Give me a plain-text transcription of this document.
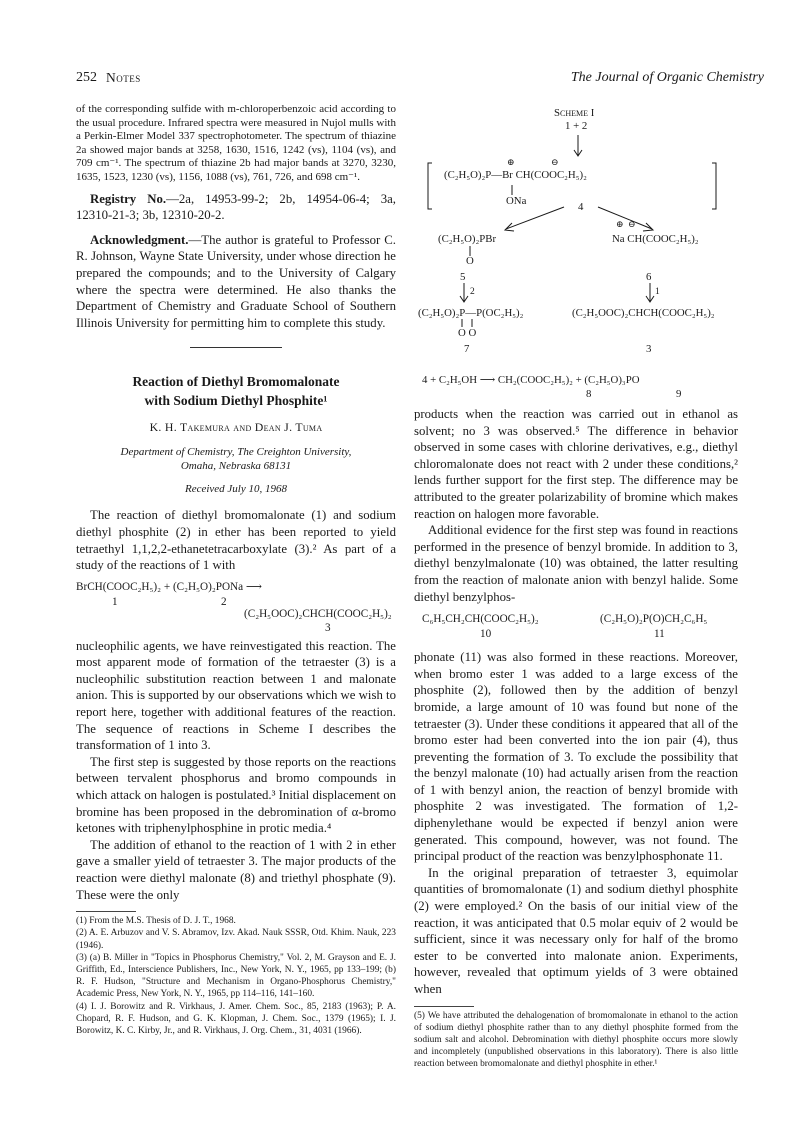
252 Notes	The Journal of Organic Chemistry

of the corresponding sulfide with m-chloroperbenzoic acid according to the usual procedure. Infrared spectra were measured in Nujol mulls with a Perkin-Elmer Model 337 spectrophotometer. The spectrum of thiazine 2a showed major bands at 3258, 1630, 1516, 1242 (vs), 1104 (vs), and 709 cm⁻¹. The spectrum of thiazine 2b had major bands at 3270, 3230, 1635, 1523, 1230 (vs), 1156, 1088 (vs), 761, 726, and 698 cm⁻¹.

Registry No.—2a, 14953-99-2; 2b, 14954-06-4; 3a, 12310-21-3; 3b, 12310-20-2.

Acknowledgment.—The author is grateful to Professor C. R. Johnson, Wayne State University, under whose direction he prepared the compounds; and to the University of Calgary where the spectra were determined. He also thanks the Department of Chemistry and Graduate School of Southern Illinois University for permitting him to complete this study.

Reaction of Diethyl Bromomalonate

with Sodium Diethyl Phosphite¹

K. H. Takemura and Dean J. Tuma

Department of Chemistry, The Creighton University,

Omaha, Nebraska 68131

Received July 10, 1968

The reaction of diethyl bromomalonate (1) and sodium diethyl phosphite (2) in ether has been reported to yield tetraethyl 1,1,2,2-ethanetetracarboxylate (3).² As part of a study of the reactions of 1 with

BrCH(COOC₂H₅)₂ + (C₂H₅O)₂PONa ⟶
1	2
(C₂H₅OOC)₂CHCH(COOC₂H₅)₂
3

nucleophilic agents, we have reinvestigated this reaction. The most apparent mode of formation of the tetraester (3) is a nucleophilic substitution reaction between 1 and malonate anion. This is supported by our observations which we wish to report here, together with additional features of the reaction. The sequence of reactions in Scheme I describes the transformation of 1 into 3.

The first step is suggested by those reports on the reactions between tervalent phosphorus and bromo compounds in which attack on halogen is postulated.³ Initial displacement on bromine has been proposed in the debromination of α-bromo ketones with triphenylphosphine in protic media.⁴

The addition of ethanol to the reaction of 1 with 2 in ether gave a smaller yield of tetraester 3. The major products of the reaction were diethyl malonate (8) and triethyl phosphate (9). These were the only

(1) From the M.S. Thesis of D. J. T., 1968.

(2) A. E. Arbuzov and V. S. Abramov, Izv. Akad. Nauk SSSR, Otd. Khim. Nauk, 223 (1946).

(3) (a) B. Miller in "Topics in Phosphorus Chemistry," Vol. 2, M. Grayson and E. J. Griffith, Ed., Interscience Publishers, Inc., New York, N. Y., 1965, pp 133–199; (b) R. F. Hudson, "Structure and Mechanism in Organo-Phosphorus Chemistry," Academic Press, New York, N. Y., 1965, pp 114–116, 141–160.

(4) I. J. Borowitz and R. Virkhaus, J. Amer. Chem. Soc., 85, 2183 (1963); P. A. Chopard, R. F. Hudson, and G. K. Klopman, J. Chem. Soc., 1379 (1965); I. J. Borowitz, K. C. Kirby, Jr., and R. Virkhaus, J. Org. Chem., 31, 4031 (1966).

Scheme I
1 + 2
⊕	⊖
(C₂H₅O)₂P—Br CH(COOC₂H₅)₂
ONa	4
(C₂H₅O)₂PBr
O
5
⊕ ⊖
Na CH(COOC₂H₅)₂
6
2	1
(C₂H₅O)₂P—P(OC₂H₅)₂
O O
7
(C₂H₅OOC)₂CHCH(COOC₂H₅)₂
3
4 + C₂H₅OH ⟶ CH₂(COOC₂H₅)₂ + (C₂H₅O)₃PO
8	9

products when the reaction was carried out in ethanol as solvent; no 3 was observed.⁵ The difference in behavior observed in some cases with chlorine derivatives, e.g., diethyl chloromalonate does not react with 2 under these conditions,² lends further support for the first step. The difference may be attributed to the greater polarizability of bromine which makes reaction on halogen more favorable.

Additional evidence for the first step was found in reactions performed in the presence of benzyl bromide. In addition to 3, diethyl benzylmalonate (10) was obtained, the latter resulting from the reaction of malonate anion with benzyl halide. Some diethyl benzylphos-

C₆H₅CH₂CH(COOC₂H₅)₂
10
(C₂H₅O)₂P(O)CH₂C₆H₅
11

phonate (11) was also formed in these reactions. Moreover, when bromo ester 1 was added to a large excess of the phosphite (2), followed then by the addition of benzyl bromide, a large amount of 10 was found but none of the tetraester (3). Under these conditions it appeared that all of the bromo ester had been converted into the ion pair (4), thus preventing the formation of 3. To exclude the possibility that the benzyl malonate (10) had actually arisen from the reaction of 1 with benzyl anion, the reaction of benzyl bromide with phosphite 2 was investigated. The formation of 1,2-diphenylethane would be expected if benzyl anion were generated. This compound, however, was not found. The principal product of the reaction was benzylphosphonate 11.

In the original preparation of tetraester 3, equimolar quantities of bromomalonate (1) and sodium diethyl phosphite (2) were employed.² On the basis of our initial view of the reaction, it was anticipated that 0.5 molar equiv of 2 would be sufficient, since it was necessary only for half of the bromo ester to be converted into malonate anion. Experiments, however, revealed that optimum yields of 3 were obtained when

(5) We have attributed the dehalogenation of bromomalonate in ethanol to the action of sodium diethyl phosphite rather than to any diethyl phosphite formed from the sodium salt and alcohol. Debromination with diethyl phosphite occurs more slowly and incompletely (unpublished observations in this laboratory). There is also little reaction between bromomalonate and diethyl phosphite in ether.¹
